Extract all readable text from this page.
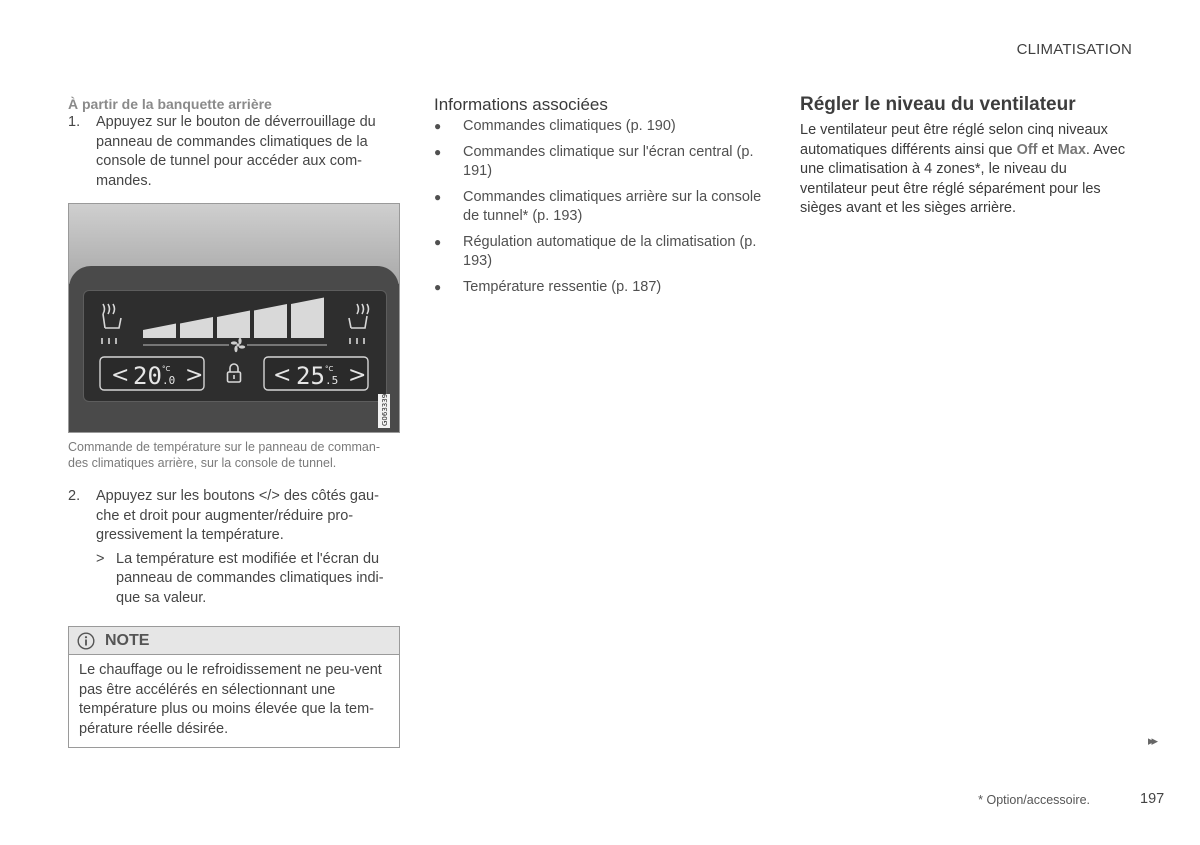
CLIMATISATION
À partir de la banquette arrière
1.	Appuyez sur le bouton de déverrouillage du panneau de commandes climatiques de la console de tunnel pour accéder aux com-mandes.
< 20 °C
.0 >	< 25 °C
.5 >
G063339
Commande de température sur le panneau de comman-des climatiques arrière, sur la console de tunnel.
2.	Appuyez sur les boutons </> des côtés gau-che et droit pour augmenter/réduire pro-gressivement la température.
> La température est modifiée et l'écran du panneau de commandes climatiques indi-que sa valeur.
NOTE
Le chauffage ou le refroidissement ne peu-vent pas être accélérés en sélectionnant une température plus ou moins élevée que la tem-pérature réelle désirée.
Informations associées
●	Commandes climatiques (p. 190)
●	Commandes climatique sur l'écran central (p. 191)
●	Commandes climatiques arrière sur la console de tunnel* (p. 193)
●	Régulation automatique de la climatisation (p. 193)
●	Température ressentie (p. 187)
Régler le niveau du ventilateur
Le ventilateur peut être réglé selon cinq niveaux automatiques différents ainsi que Off et Max. Avec une climatisation à 4 zones*, le niveau du ventilateur peut être réglé séparément pour les sièges avant et les sièges arrière.
▸▸
* Option/accessoire.	197
